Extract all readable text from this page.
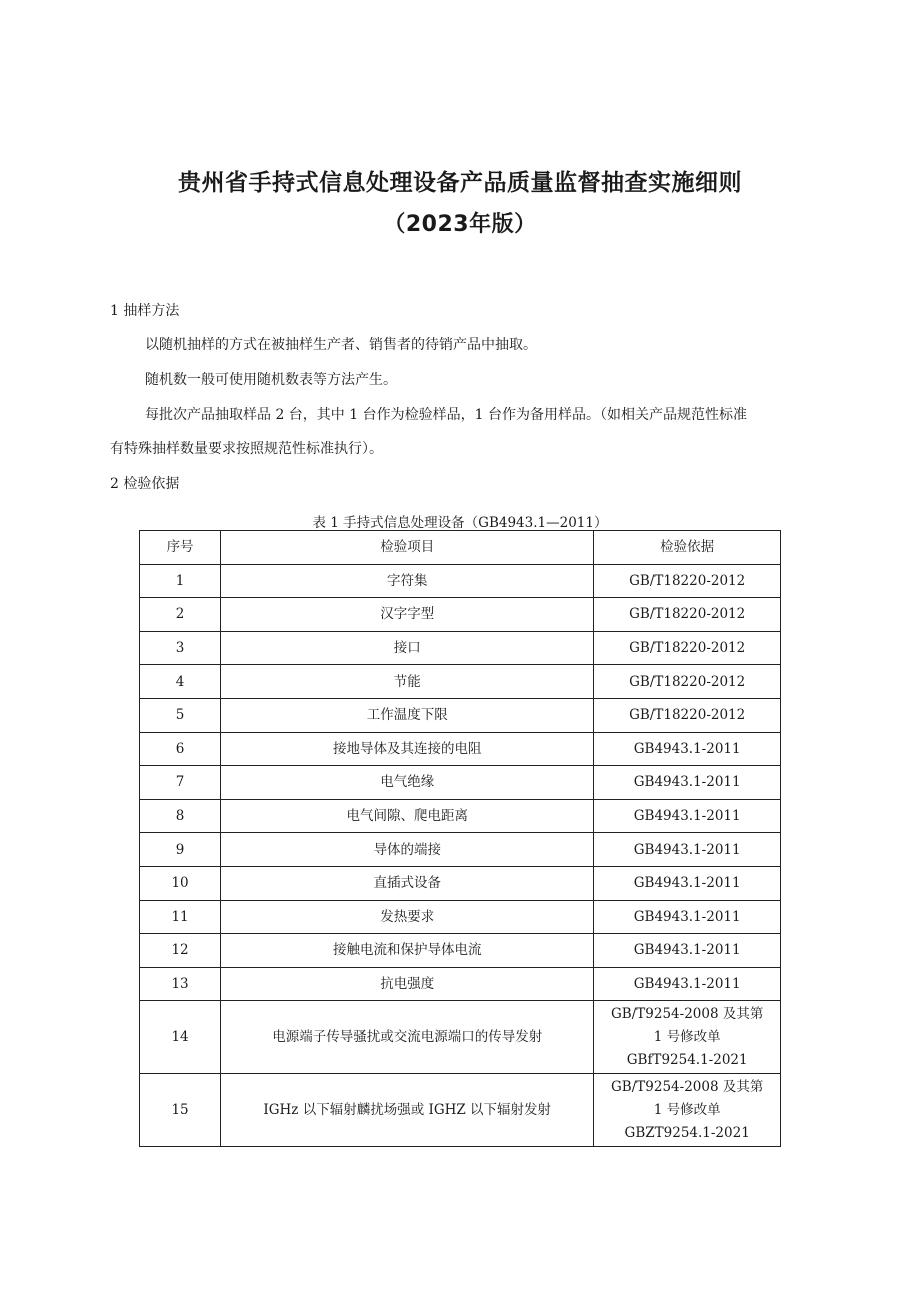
贵州省手持式信息处理设备产品质量监督抽查实施细则
（2023年版）
1 抽样方法
以随机抽样的方式在被抽样生产者、销售者的待销产品中抽取。
随机数一般可使用随机数表等方法产生。
每批次产品抽取样品 2 台，其中 1 台作为检验样品，1 台作为备用样品。（如相关产品规范性标准
有特殊抽样数量要求按照规范性标准执行）。
2 检验依据
表 1 手持式信息处理设备（GB4943.1—2011）
序号	检验项目	检验依据
1	字符集	GB/T18220-2012
2	汉字字型	GB/T18220-2012
3	接口	GB/T18220-2012
4	节能	GB/T18220-2012
5	工作温度下限	GB/T18220-2012
6	接地导体及其连接的电阻	GB4943.1-2011
7	电气绝缘	GB4943.1-2011
8	电气间隙、爬电距离	GB4943.1-2011
9	导体的端接	GB4943.1-2011
10	直插式设备	GB4943.1-2011
11	发热要求	GB4943.1-2011
12	接触电流和保护导体电流	GB4943.1-2011
13	抗电强度	GB4943.1-2011
14	电源端子传导骚扰或交流电源端口的传导发射	GB/T9254-2008 及其第
1 号修改单
GBfT9254.1-2021

15	IGHz 以下辐射麟扰场强或 IGHZ 以下辐射发射	GB/T9254-2008 及其第
1 号修改单
GBZT9254.1-2021
